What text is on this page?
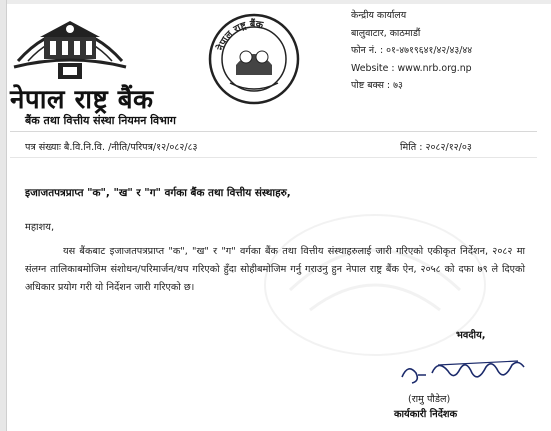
नेपाल राष्ट्र बैंक
केन्द्रीय कार्यालय
बालुवाटार, काठमाडौं
फोन नं. : ०१-४७१९६४१/४२/४३/४४
Website : www.nrb.org.np
पोष्ट बक्स : ७३
नेपाल राष्ट्र बैंक
बैंक तथा वित्तीय संस्था नियमन विभाग
पत्र संख्याः बै.वि.नि.वि. /नीति/परिपत्र/१२/०८२/८३	मिति : २०८२/१२/०३
इजाजतपत्रप्राप्त "क", "ख" र "ग" वर्गका बैंक तथा वित्तीय संस्थाहरु,
महाशय,

यस बैंकबाट इजाजतपत्रप्राप्त "क", "ख" र "ग" वर्गका बैंक तथा वित्तीय संस्थाहरुलाई जारी गरिएको एकीकृत निर्देशन, २०८२ मा संलग्न तालिकाबमोजिम संशोधन/परिमार्जन/थप गरिएको हुँदा सोहीबमोजिम गर्नु गराउनु हुन नेपाल राष्ट्र बैंक ऐन, २०५८ को दफा ७९ ले दिएको अधिकार प्रयोग गरी यो निर्देशन जारी गरिएको छ।

भवदीय,
(रामु पौडेल)
कार्यकारी निर्देशक
